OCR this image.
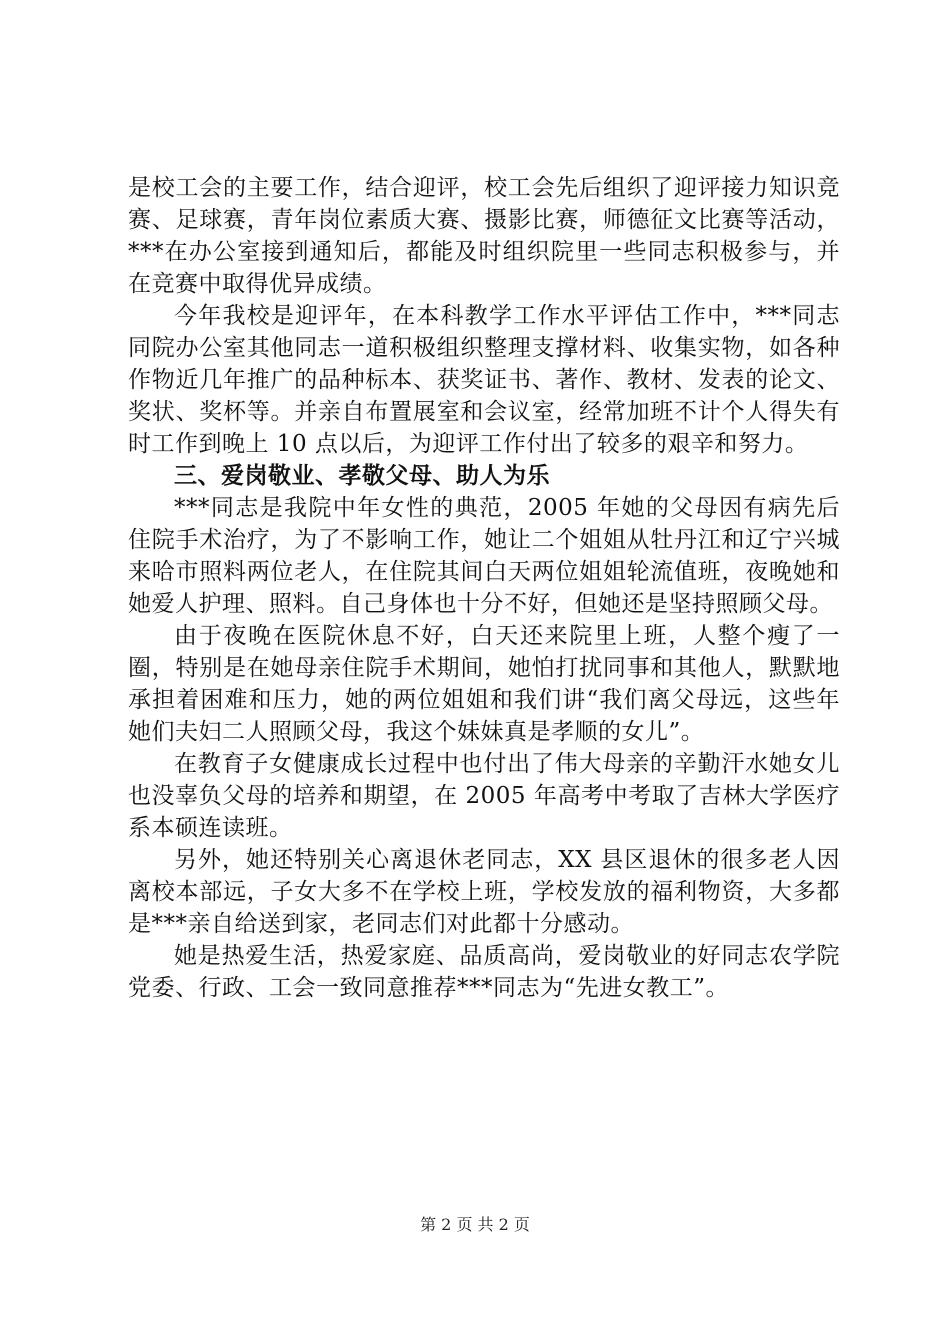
是校工会的主要工作，结合迎评，校工会先后组织了迎评接力知识竞赛、足球赛，青年岗位素质大赛、摄影比赛，师德征文比赛等活动，***在办公室接到通知后，都能及时组织院里一些同志积极参与，并在竞赛中取得优异成绩。

今年我校是迎评年，在本科教学工作水平评估工作中，***同志同院办公室其他同志一道积极组织整理支撑材料、收集实物，如各种作物近几年推广的品种标本、获奖证书、著作、教材、发表的论文、奖状、奖杯等。并亲自布置展室和会议室，经常加班不计个人得失有时工作到晚上 10 点以后，为迎评工作付出了较多的艰辛和努力。

三、爱岗敬业、孝敬父母、助人为乐

***同志是我院中年女性的典范，2005 年她的父母因有病先后住院手术治疗，为了不影响工作，她让二个姐姐从牡丹江和辽宁兴城来哈市照料两位老人，在住院其间白天两位姐姐轮流值班，夜晚她和她爱人护理、照料。自己身体也十分不好，但她还是坚持照顾父母。

由于夜晚在医院休息不好，白天还来院里上班，人整个瘦了一圈，特别是在她母亲住院手术期间，她怕打扰同事和其他人，默默地承担着困难和压力，她的两位姐姐和我们讲“我们离父母远，这些年她们夫妇二人照顾父母，我这个妹妹真是孝顺的女儿”。

在教育子女健康成长过程中也付出了伟大母亲的辛勤汗水她女儿也没辜负父母的培养和期望，在 2005 年高考中考取了吉林大学医疗系本硕连读班。

另外，她还特别关心离退休老同志，XX 县区退休的很多老人因离校本部远，子女大多不在学校上班，学校发放的福利物资，大多都是***亲自给送到家，老同志们对此都十分感动。

她是热爱生活，热爱家庭、品质高尚，爱岗敬业的好同志农学院党委、行政、工会一致同意推荐***同志为“先进女教工”。

第 2 页 共 2 页
